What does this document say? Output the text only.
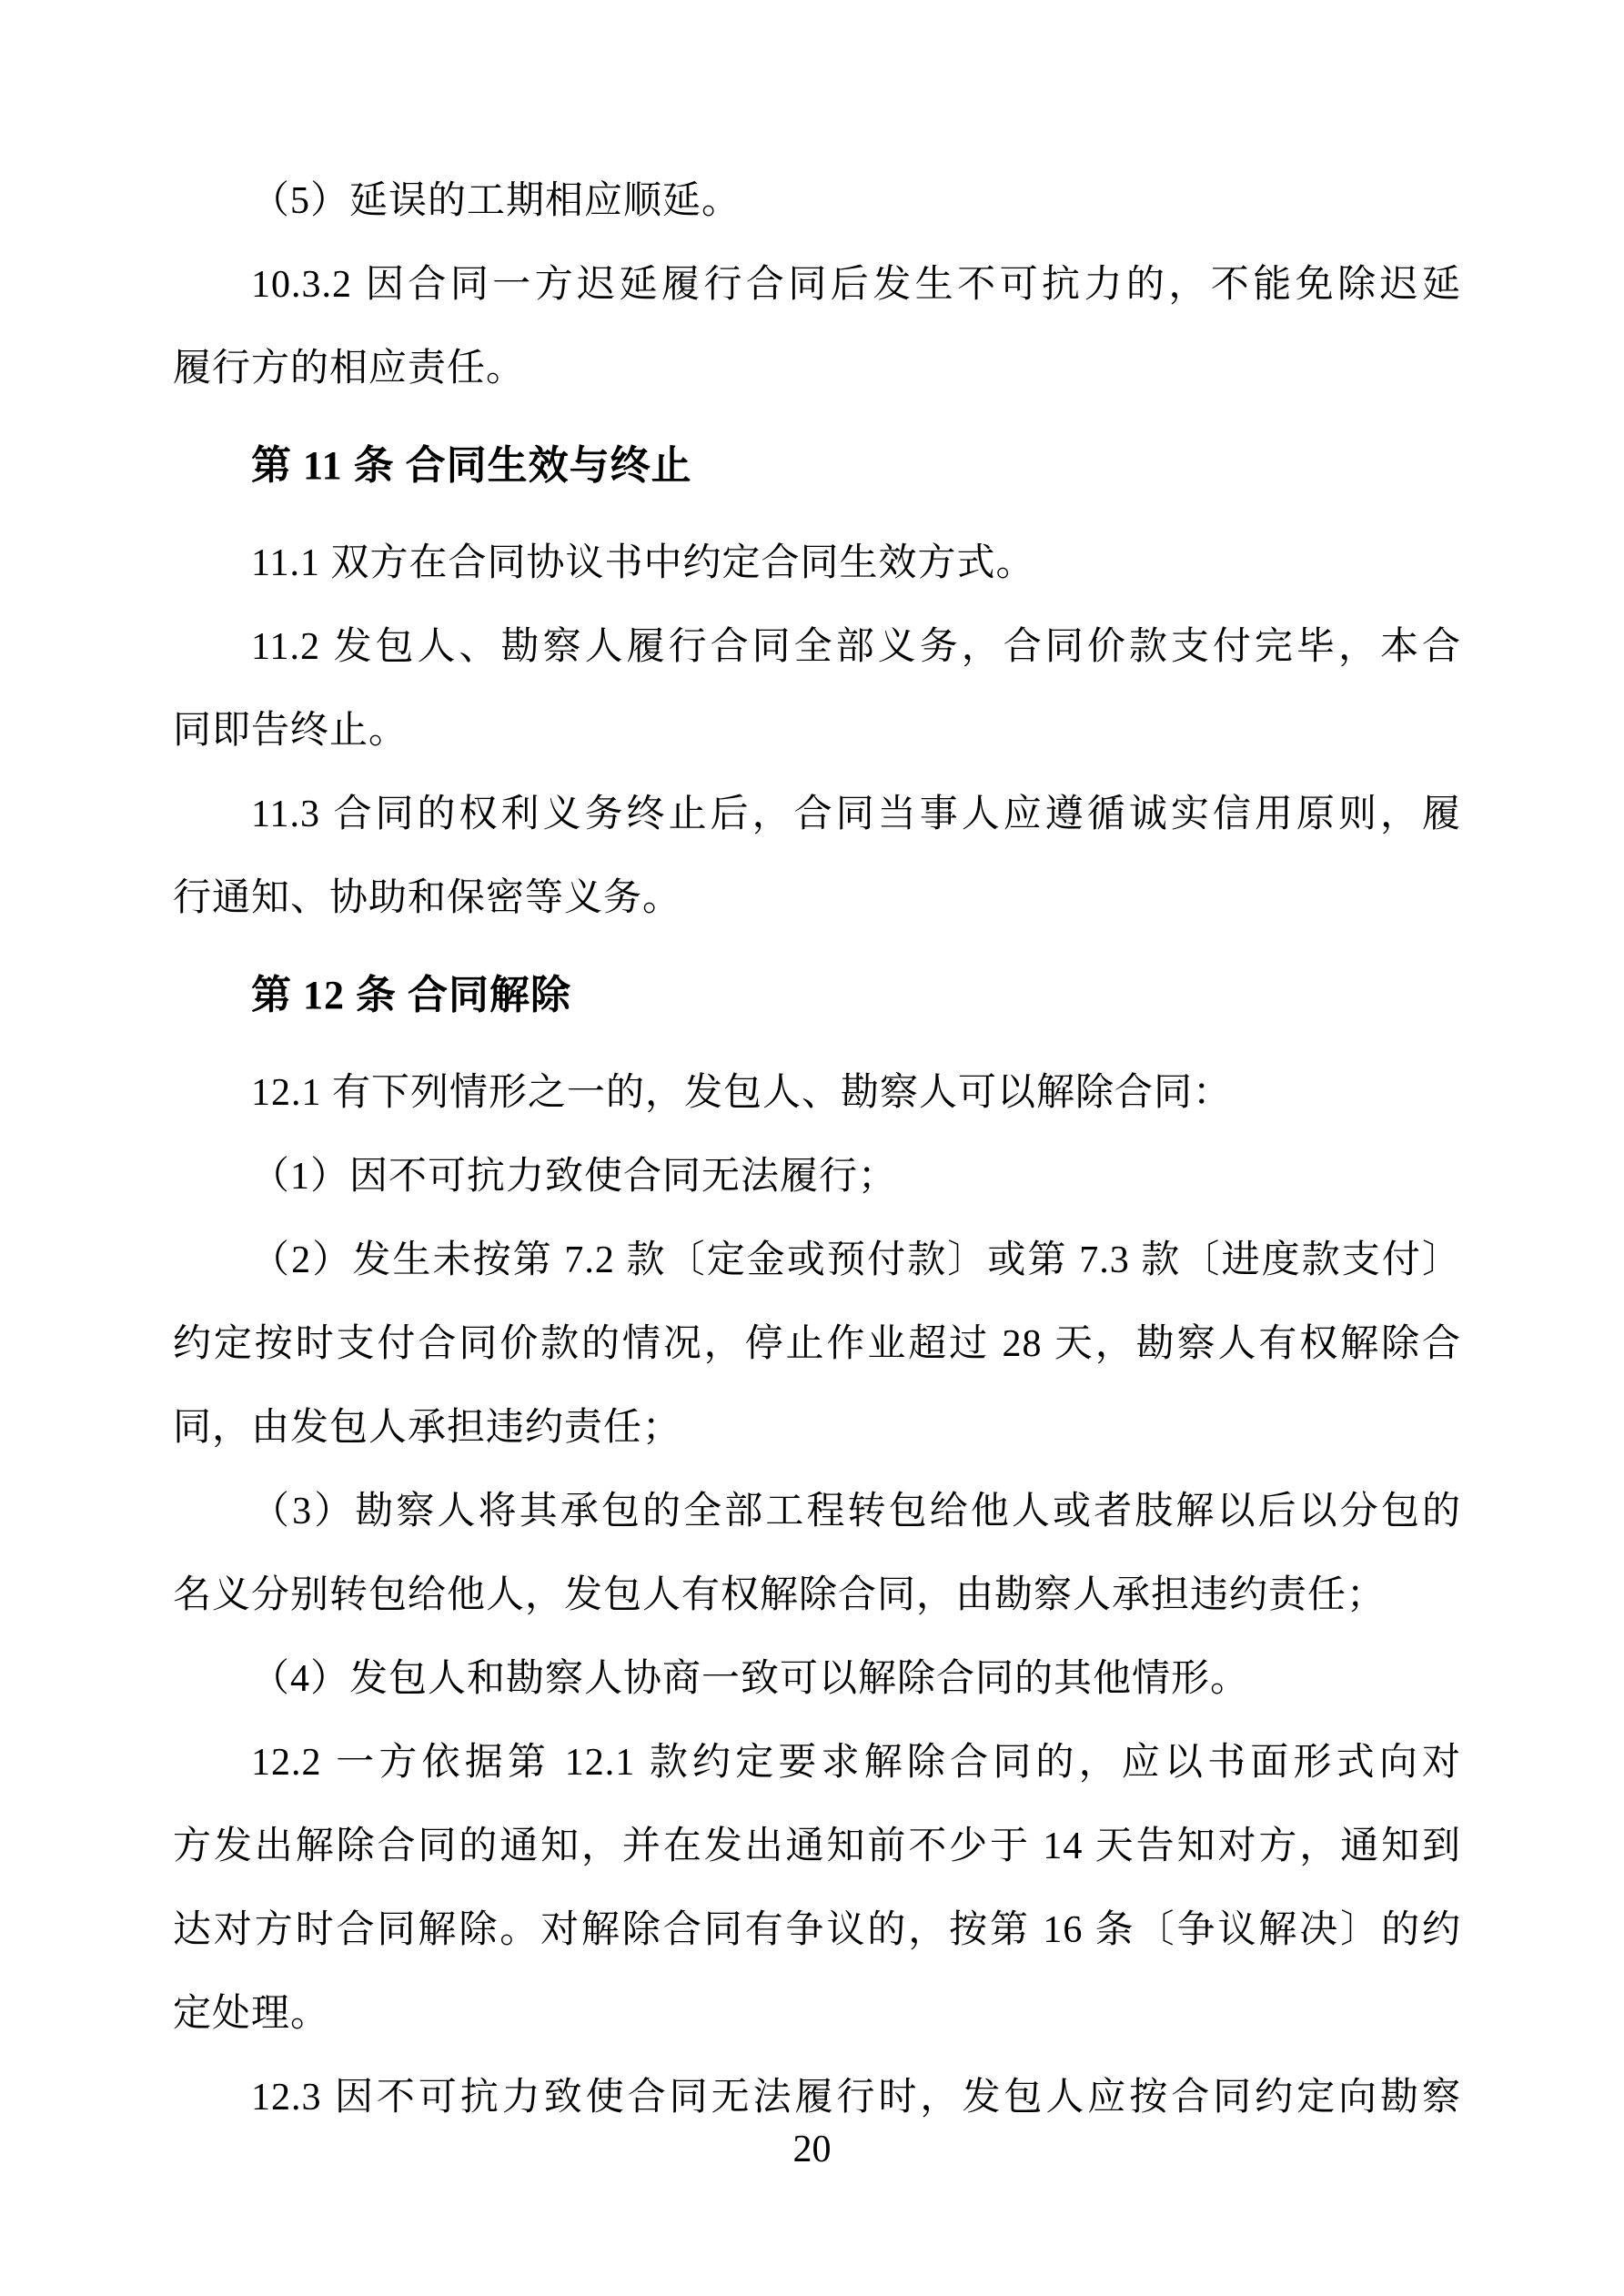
（5）延误的工期相应顺延。
10.3.2 因合同一方迟延履行合同后发生不可抗力的，不能免除迟延
履行方的相应责任。
第 11 条 合同生效与终止
11.1 双方在合同协议书中约定合同生效方式。
11.2 发包人、勘察人履行合同全部义务，合同价款支付完毕，本合
同即告终止。
11.3 合同的权利义务终止后，合同当事人应遵循诚实信用原则，履
行通知、协助和保密等义务。
第 12 条 合同解除
12.1 有下列情形之一的，发包人、勘察人可以解除合同：
（1）因不可抗力致使合同无法履行；
（2）发生未按第 7.2 款〔定金或预付款〕或第 7.3 款〔进度款支付〕
约定按时支付合同价款的情况，停止作业超过 28 天，勘察人有权解除合
同，由发包人承担违约责任；
（3）勘察人将其承包的全部工程转包给他人或者肢解以后以分包的
名义分别转包给他人，发包人有权解除合同，由勘察人承担违约责任；
（4）发包人和勘察人协商一致可以解除合同的其他情形。
12.2 一方依据第 12.1 款约定要求解除合同的，应以书面形式向对
方发出解除合同的通知，并在发出通知前不少于 14 天告知对方，通知到
达对方时合同解除。对解除合同有争议的，按第 16 条〔争议解决〕的约
定处理。
12.3 因不可抗力致使合同无法履行时，发包人应按合同约定向勘察
20
